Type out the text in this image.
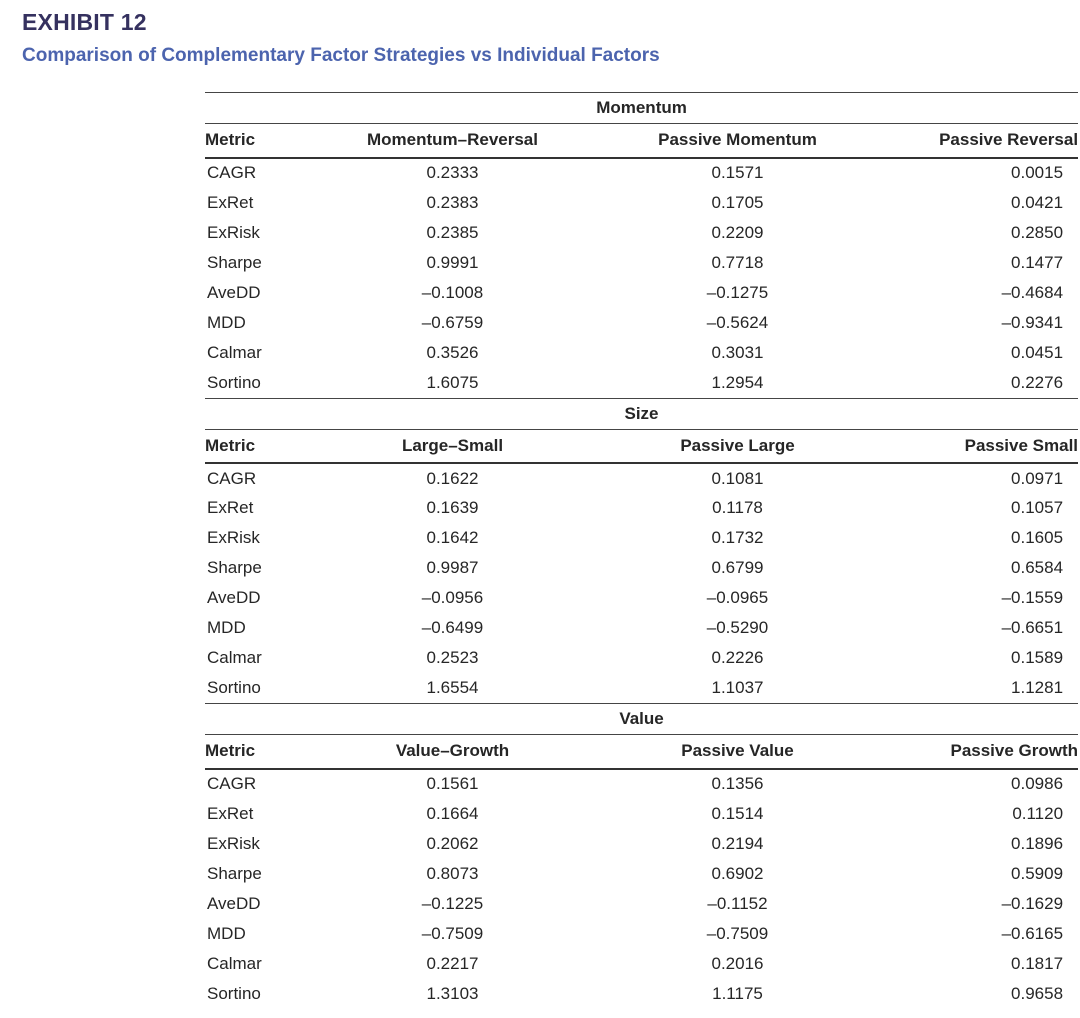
EXHIBIT 12
Comparison of Complementary Factor Strategies vs Individual Factors
Momentum			
Metric	Momentum–Reversal	Passive Momentum	Passive Reversal
CAGR	0.2333	0.1571	0.0015
ExRet	0.2383	0.1705	0.0421
ExRisk	0.2385	0.2209	0.2850
Sharpe	0.9991	0.7718	0.1477
AveDD	–0.1008	–0.1275	–0.4684
MDD	–0.6759	–0.5624	–0.9341
Calmar	0.3526	0.3031	0.0451
Sortino	1.6075	1.2954	0.2276
Size			
Metric	Large–Small	Passive Large	Passive Small
CAGR	0.1622	0.1081	0.0971
ExRet	0.1639	0.1178	0.1057
ExRisk	0.1642	0.1732	0.1605
Sharpe	0.9987	0.6799	0.6584
AveDD	–0.0956	–0.0965	–0.1559
MDD	–0.6499	–0.5290	–0.6651
Calmar	0.2523	0.2226	0.1589
Sortino	1.6554	1.1037	1.1281
Value			
Metric	Value–Growth	Passive Value	Passive Growth
CAGR	0.1561	0.1356	0.0986
ExRet	0.1664	0.1514	0.1120
ExRisk	0.2062	0.2194	0.1896
Sharpe	0.8073	0.6902	0.5909
AveDD	–0.1225	–0.1152	–0.1629
MDD	–0.7509	–0.7509	–0.6165
Calmar	0.2217	0.2016	0.1817
Sortino	1.3103	1.1175	0.9658
